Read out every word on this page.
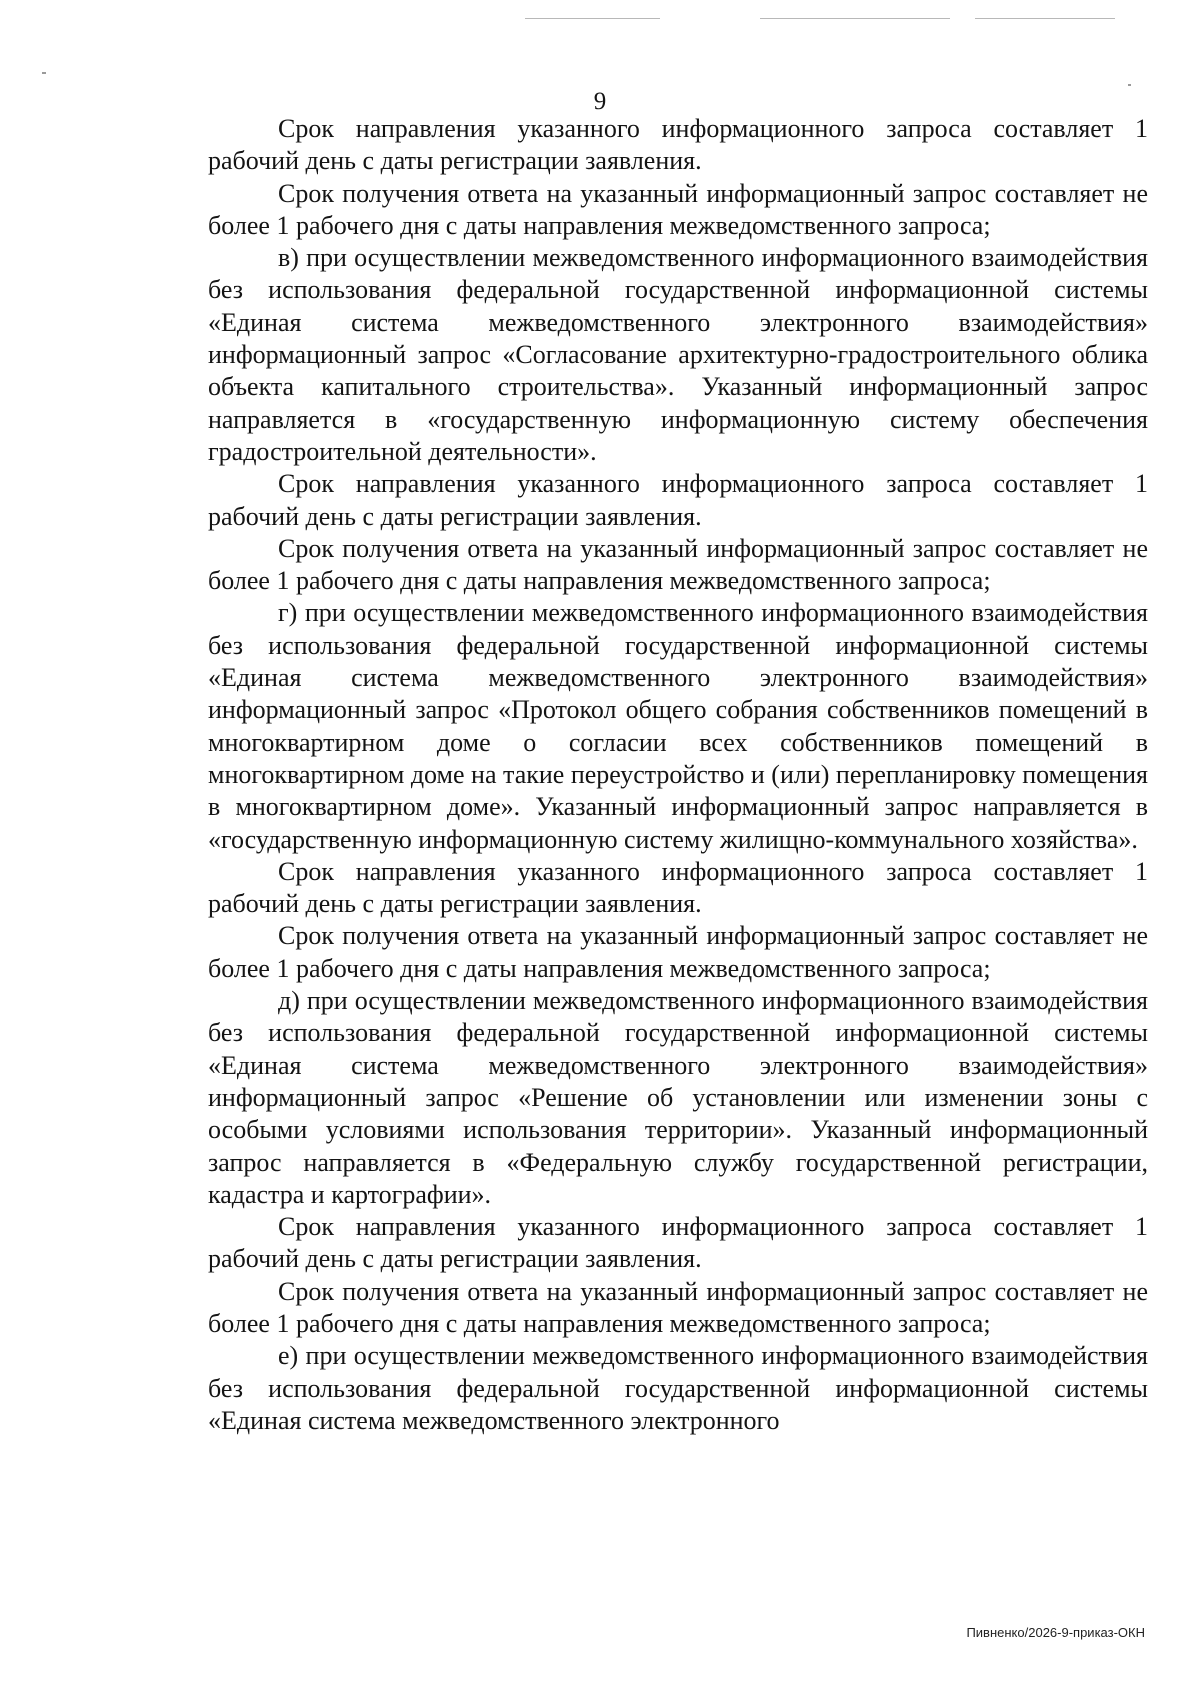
9

Срок направления указанного информационного запроса составляет 1 рабочий день с даты регистрации заявления.

Срок получения ответа на указанный информационный запрос составляет не более 1 рабочего дня с даты направления межведомственного запроса;

в) при осуществлении межведомственного информационного взаимодействия без использования федеральной государственной информационной системы «Единая система межведомственного электронного взаимодействия» информационный запрос «Согласование архитектурно-градостроительного облика объекта капитального строительства». Указанный информационный запрос направляется в «государственную информационную систему обеспечения градостроительной деятельности».

Срок направления указанного информационного запроса составляет 1 рабочий день с даты регистрации заявления.

Срок получения ответа на указанный информационный запрос составляет не более 1 рабочего дня с даты направления межведомственного запроса;

г) при осуществлении межведомственного информационного взаимодействия без использования федеральной государственной информационной системы «Единая система межведомственного электронного взаимодействия» информационный запрос «Протокол общего собрания собственников помещений в многоквартирном доме о согласии всех собственников помещений в многоквартирном доме на такие переустройство и (или) перепланировку помещения в многоквартирном доме». Указанный информационный запрос направляется в «государственную информационную систему жилищно-коммунального хозяйства».

Срок направления указанного информационного запроса составляет 1 рабочий день с даты регистрации заявления.

Срок получения ответа на указанный информационный запрос составляет не более 1 рабочего дня с даты направления межведомственного запроса;

д) при осуществлении межведомственного информационного взаимодействия без использования федеральной государственной информационной системы «Единая система межведомственного электронного взаимодействия» информационный запрос «Решение об установлении или изменении зоны с особыми условиями использования территории». Указанный информационный запрос направляется в «Федеральную службу государственной регистрации, кадастра и картографии».

Срок направления указанного информационного запроса составляет 1 рабочий день с даты регистрации заявления.

Срок получения ответа на указанный информационный запрос составляет не более 1 рабочего дня с даты направления межведомственного запроса;

е) при осуществлении межведомственного информационного взаимодействия без использования федеральной государственной информационной системы «Единая система межведомственного электронного

Пивненко/2026-9-приказ-ОКН
